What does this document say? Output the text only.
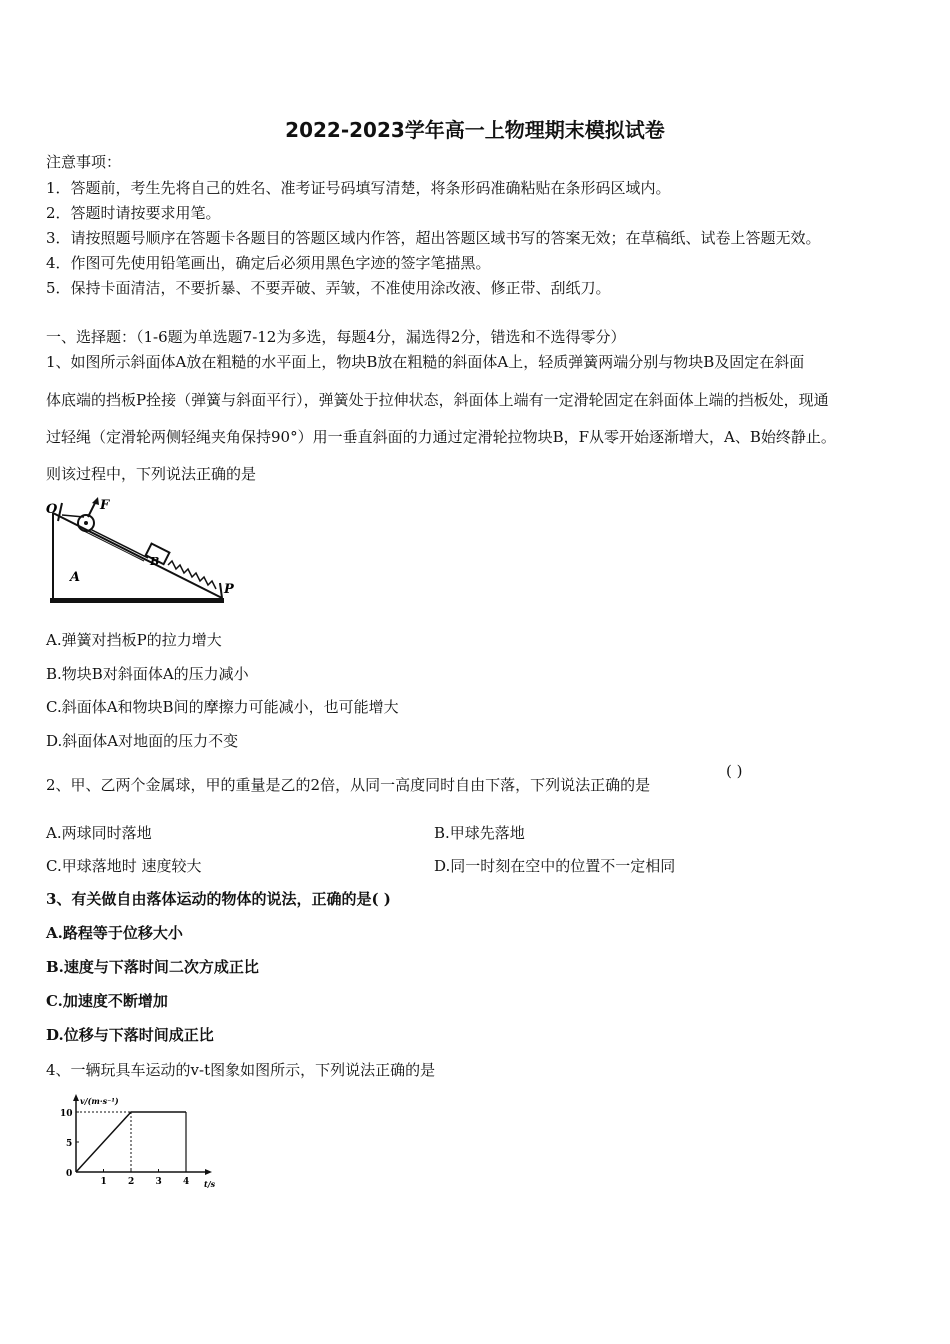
2022-2023学年高一上物理期末模拟试卷
注意事项：
1．答题前，考生先将自己的姓名、准考证号码填写清楚，将条形码准确粘贴在条形码区域内。
2．答题时请按要求用笔。
3．请按照题号顺序在答题卡各题目的答题区域内作答，超出答题区域书写的答案无效；在草稿纸、试卷上答题无效。
4．作图可先使用铅笔画出，确定后必须用黑色字迹的签字笔描黑。
5．保持卡面清洁，不要折暴、不要弄破、弄皱，不准使用涂改液、修正带、刮纸刀。
一、选择题：（1-6题为单选题7-12为多选，每题4分，漏选得2分，错选和不选得零分）
1、如图所示斜面体A放在粗糙的水平面上，物块B放在粗糙的斜面体A上，轻质弹簧两端分别与物块B及固定在斜面
体底端的挡板P拴接（弹簧与斜面平行），弹簧处于拉伸状态，斜面体上端有一定滑轮固定在斜面体上端的挡板处，现通
过轻绳（定滑轮两侧轻绳夹角保持90°）用一垂直斜面的力通过定滑轮拉物块B，F从零开始逐渐增大，A、B始终静止。
则该过程中，下列说法正确的是
O	F
A
B
P
A.弹簧对挡板P的拉力增大
B.物块B对斜面体A的压力减小
C.斜面体A和物块B间的摩擦力可能减小，也可能增大
D.斜面体A对地面的压力不变
2、甲、乙两个金属球，甲的重量是乙的2倍，从同一高度同时自由下落，下列说法正确的是
( )
A.两球同时落地	B.甲球先落地
C.甲球落地时 速度较大	D.同一时刻在空中的位置不一定相同
3、有关做自由落体运动的物体的说法，正确的是( )
A.路程等于位移大小
B.速度与下落时间二次方成正比
C.加速度不断增加
D.位移与下落时间成正比
4、一辆玩具车运动的v-t图象如图所示，下列说法正确的是
v/(m·s⁻¹)
t/s
1 2 3 4
0
5
10
